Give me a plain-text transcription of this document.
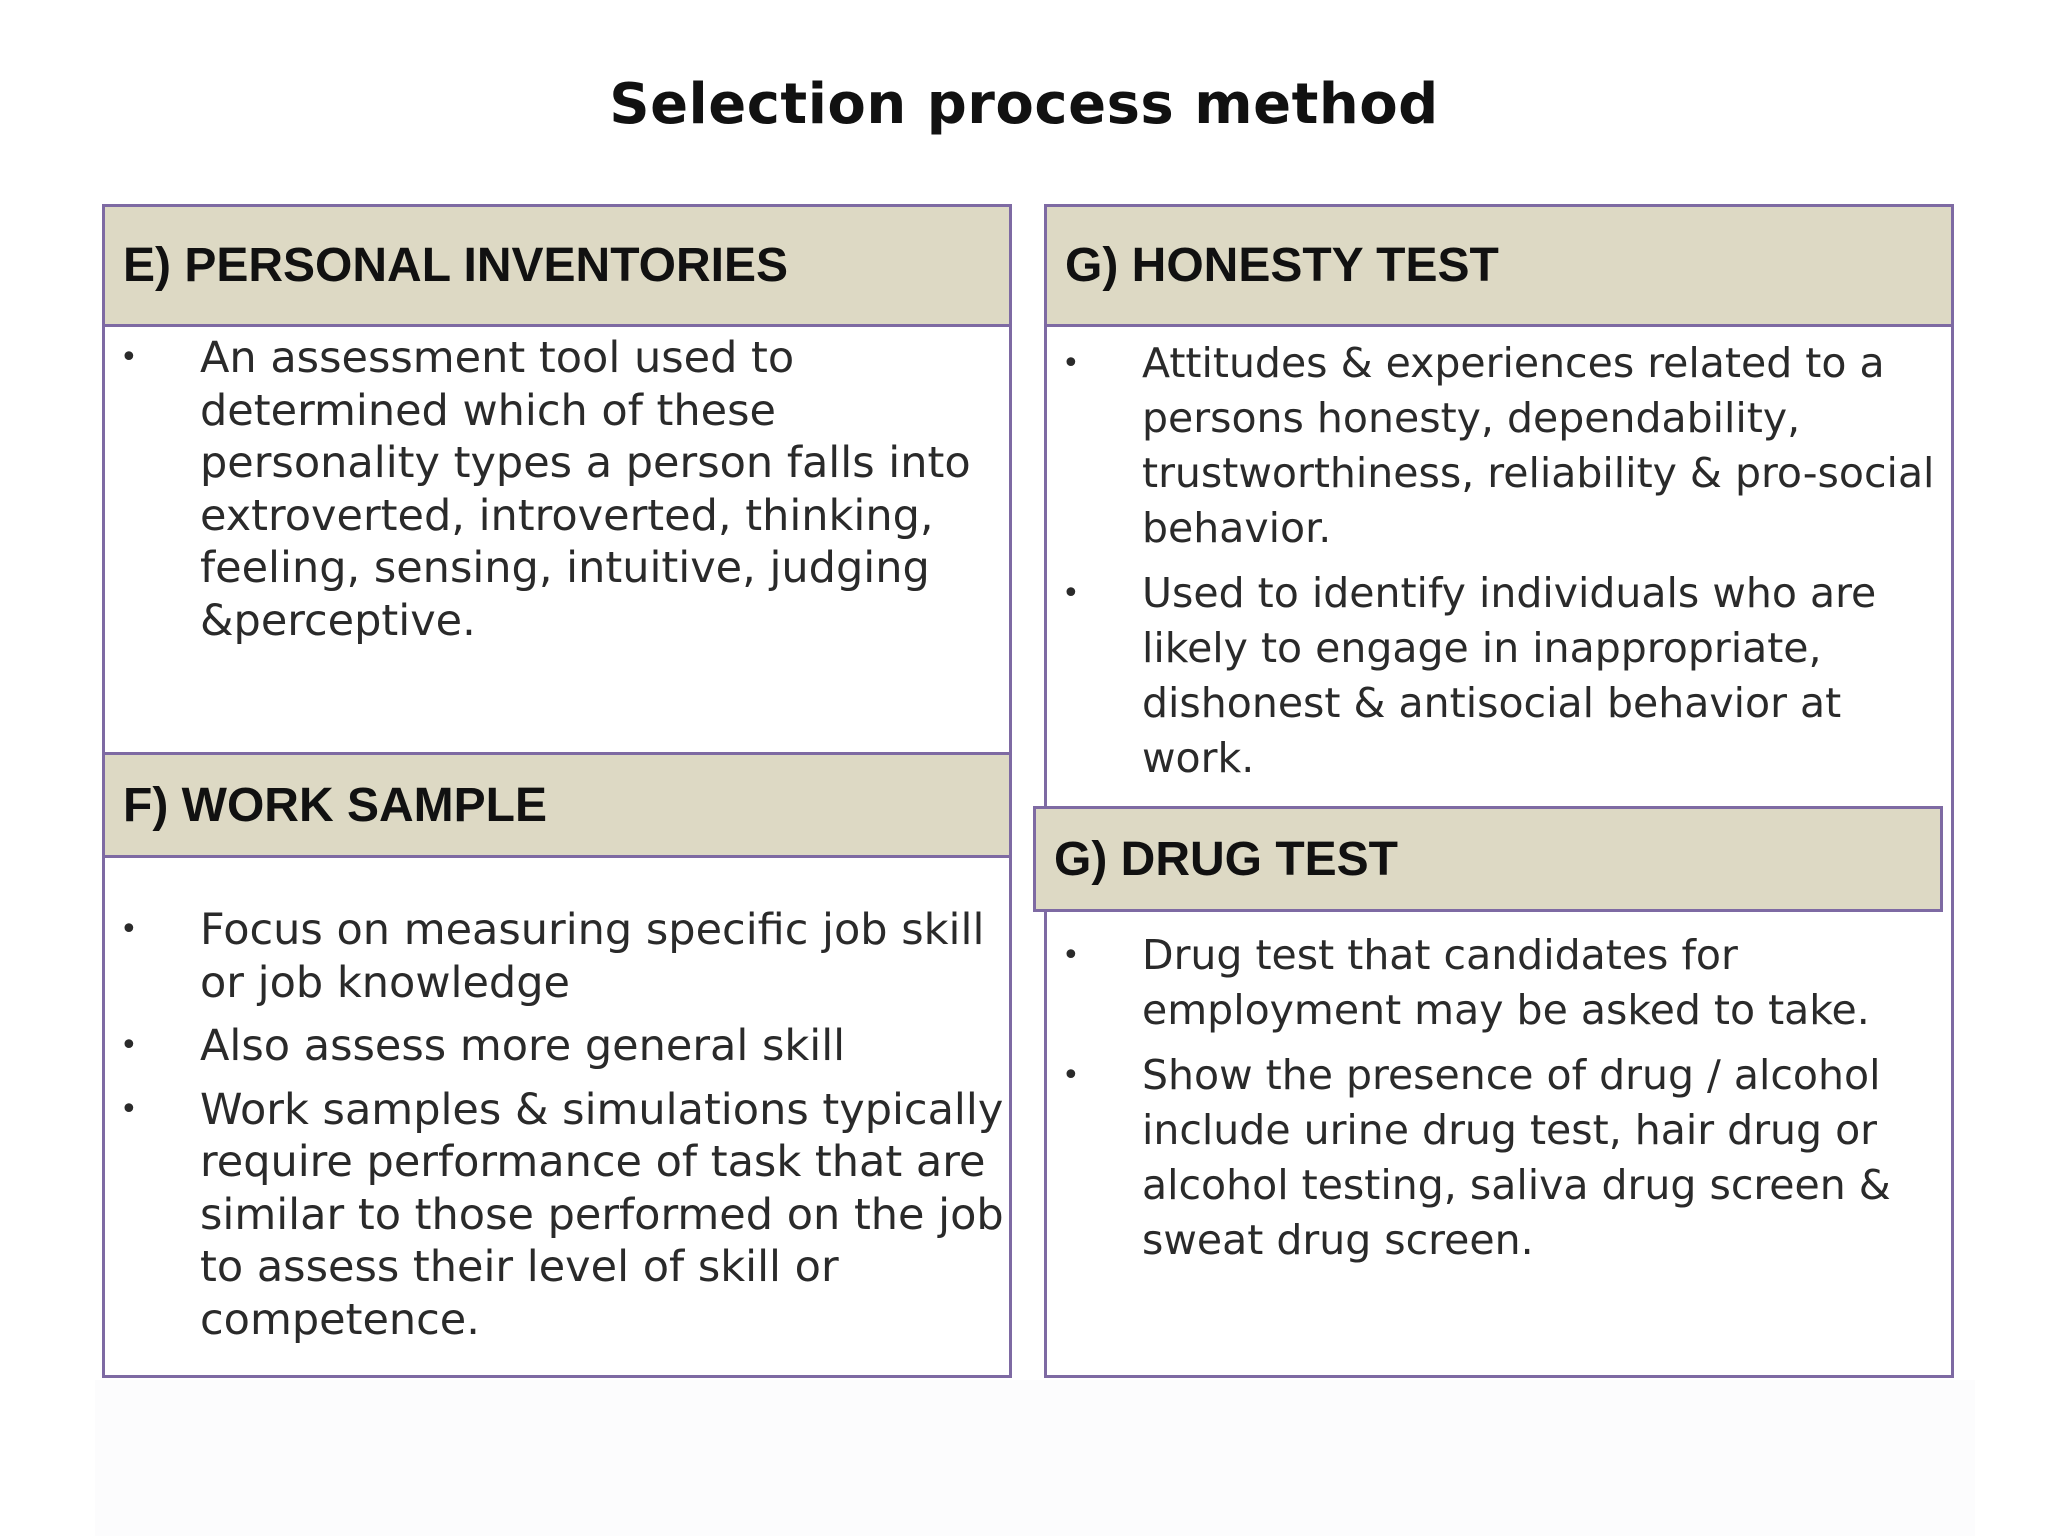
Selection process method
E) PERSONAL INVENTORIES
• An assessment tool used to determined which of these personality types a person falls into extroverted, introverted, thinking, feeling, sensing, intuitive, judging &perceptive.
F) WORK SAMPLE
• Focus on measuring specific job skill or job knowledge
• Also assess more general skill
• Work samples & simulations typically require performance of task that are similar to those performed on the job to assess their level of skill or competence.
G) HONESTY TEST
• Attitudes & experiences related to a persons honesty, dependability, trustworthiness, reliability & pro-social behavior.
• Used to identify individuals who are likely to engage in inappropriate, dishonest & antisocial behavior at work.
G) DRUG TEST
• Drug test that candidates for employment may be asked to take.
• Show the presence of drug / alcohol include urine drug test, hair drug or alcohol testing, saliva drug screen & sweat drug screen.
